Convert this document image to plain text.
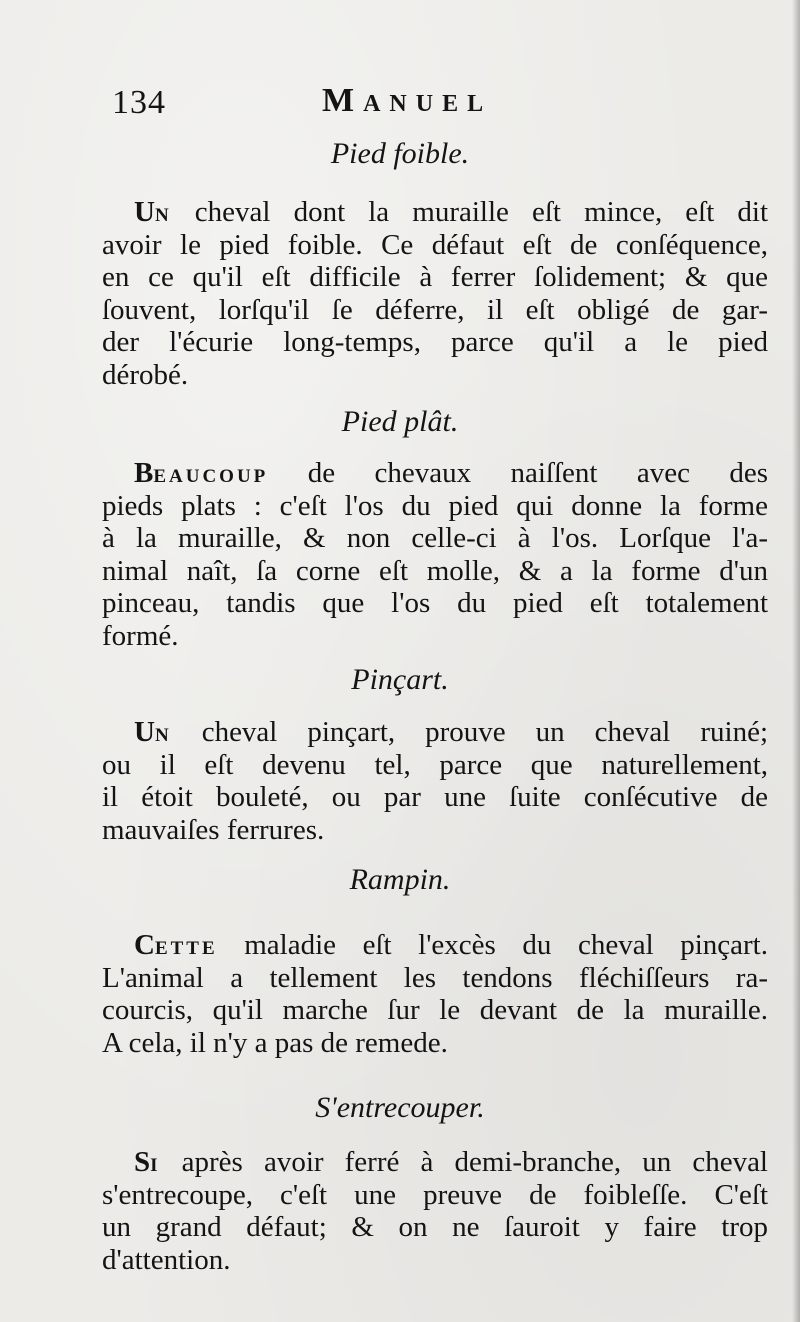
134	Manuel
Pied foible.
UN cheval dont la muraille eſt mince, eſt dit
avoir le pied foible. Ce défaut eſt de conſéquence,
en ce qu'il eſt difficile à ferrer ſolidement; & que
ſouvent, lorſqu'il ſe déferre, il eſt obligé de gar-
der l'écurie long-temps, parce qu'il a le pied
dérobé.
Pied plât.
BEAUCOUP de chevaux naiſſent avec des
pieds plats : c'eſt l'os du pied qui donne la forme
à la muraille, & non celle-ci à l'os. Lorſque l'a-
nimal naît, ſa corne eſt molle, & a la forme d'un
pinceau, tandis que l'os du pied eſt totalement
formé.
Pinçart.
UN cheval pinçart, prouve un cheval ruiné;
ou il eſt devenu tel, parce que naturellement,
il étoit bouleté, ou par une ſuite conſécutive de
mauvaiſes ferrures.
Rampin.
CETTE maladie eſt l'excès du cheval pinçart.
L'animal a tellement les tendons fléchiſſeurs ra-
courcis, qu'il marche ſur le devant de la muraille.
A cela, il n'y a pas de remede.
S'entrecouper.
SI après avoir ferré à demi-branche, un cheval
s'entrecoupe, c'eſt une preuve de foibleſſe. C'eſt
un grand défaut; & on ne ſauroit y faire trop
d'attention.
